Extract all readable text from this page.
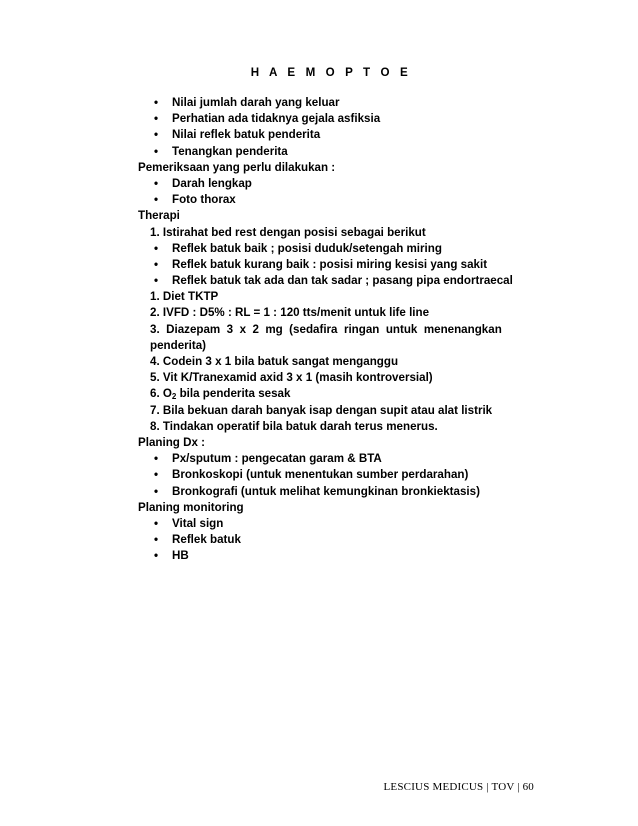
H A E M O P T O E
• Nilai jumlah darah yang keluar
• Perhatian ada tidaknya gejala asfiksia
• Nilai reflek batuk penderita
• Tenangkan penderita
Pemeriksaan yang perlu dilakukan :
• Darah lengkap
• Foto thorax
Therapi
1. Istirahat bed rest dengan posisi sebagai berikut
• Reflek batuk baik ; posisi duduk/setengah miring
• Reflek batuk kurang baik : posisi miring kesisi yang sakit
• Reflek batuk tak ada dan tak sadar ; pasang pipa endortraecal
1. Diet TKTP
2. IVFD : D5% : RL = 1 : 120 tts/menit untuk life line
3.  Diazepam  3  x  2  mg  (sedafira  ringan  untuk  menenangkan
penderita)
4. Codein 3 x 1 bila batuk sangat menganggu
5. Vit K/Tranexamid axid 3 x 1 (masih kontroversial)
6. $O_2$ bila penderita sesak
7. Bila bekuan darah banyak isap dengan supit atau alat listrik
8. Tindakan operatif bila batuk darah terus menerus.
Planing Dx :
• Px/sputum : pengecatan garam & BTA
• Bronkoskopi (untuk menentukan sumber perdarahan)
• Bronkografi (untuk melihat kemungkinan bronkiektasis)
Planing monitoring
• Vital sign
• Reflek batuk
• HB
LESCIUS MEDICUS | TOV | 60
